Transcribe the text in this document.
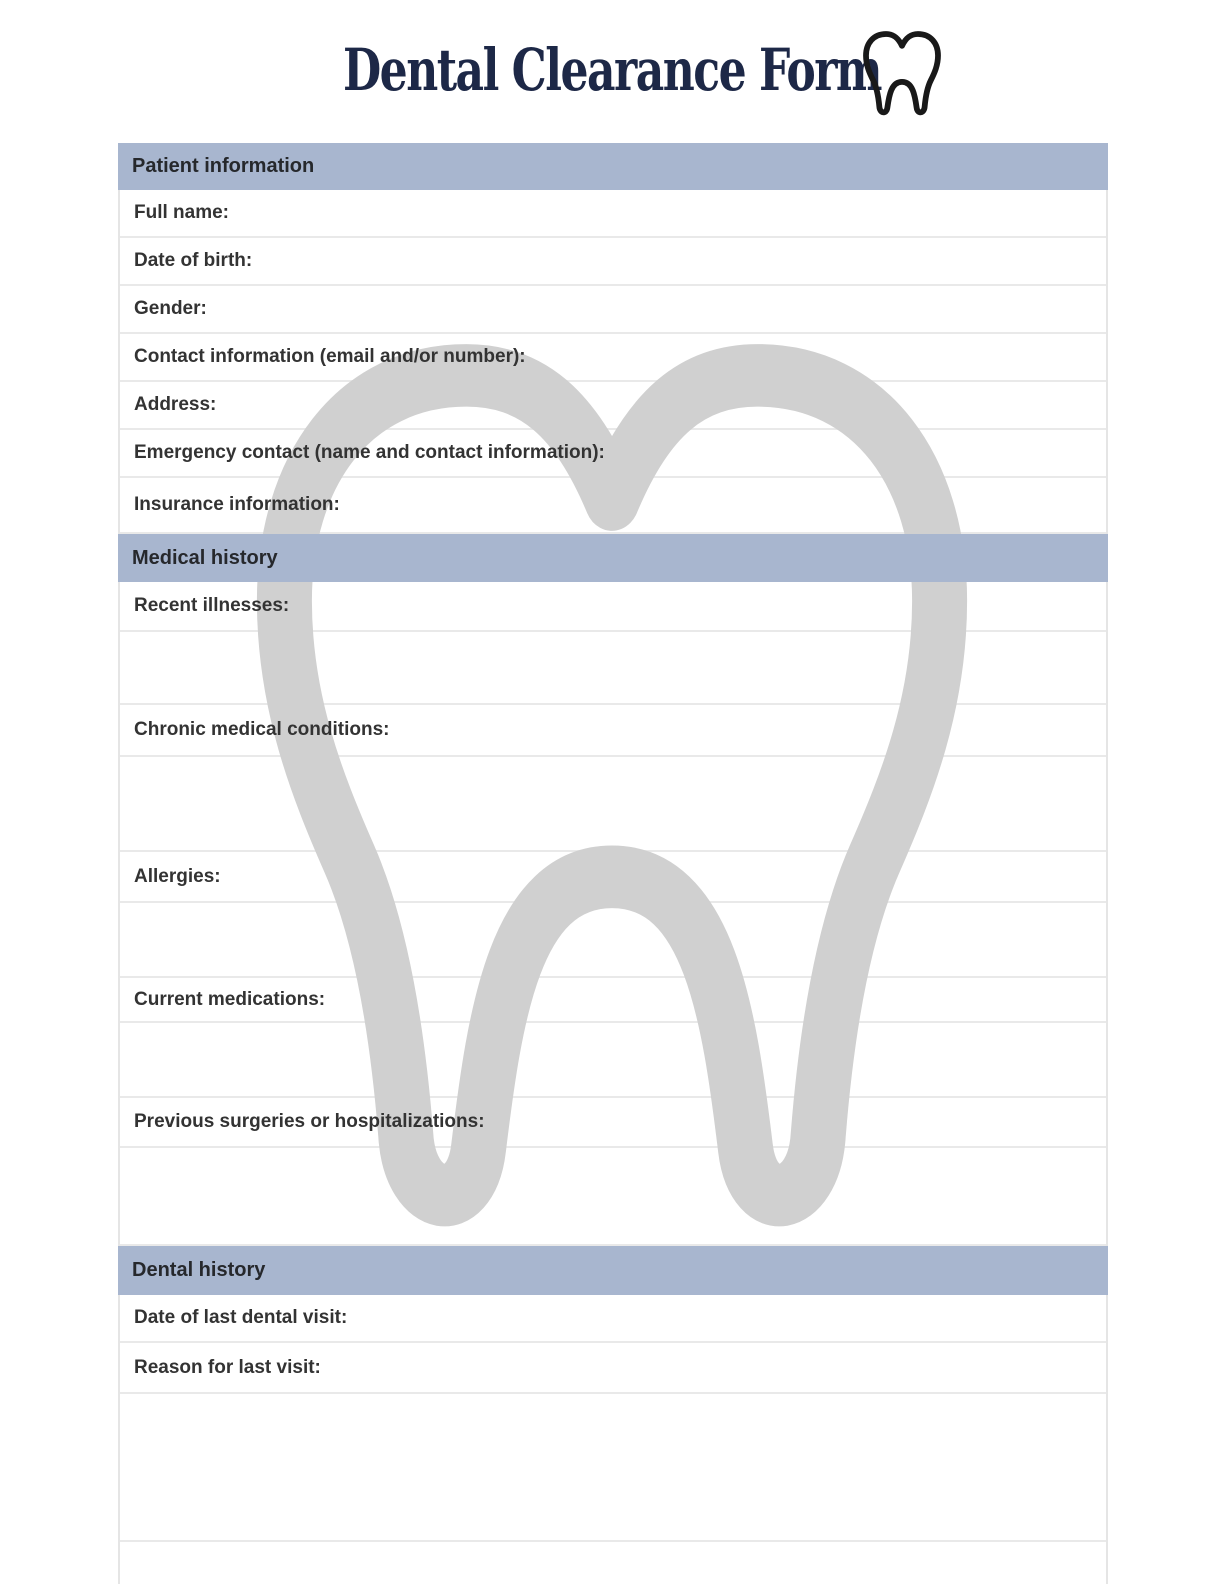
Dental Clearance Form
Patient information
Full name:
Date of birth:
Gender:
Contact information (email and/or number):
Address:
Emergency contact (name and contact information):
Insurance information:
Medical history
Recent illnesses:
Chronic medical conditions:
Allergies:
Current medications:
Previous surgeries or hospitalizations:
Dental history
Date of last dental visit:
Reason for last visit:
